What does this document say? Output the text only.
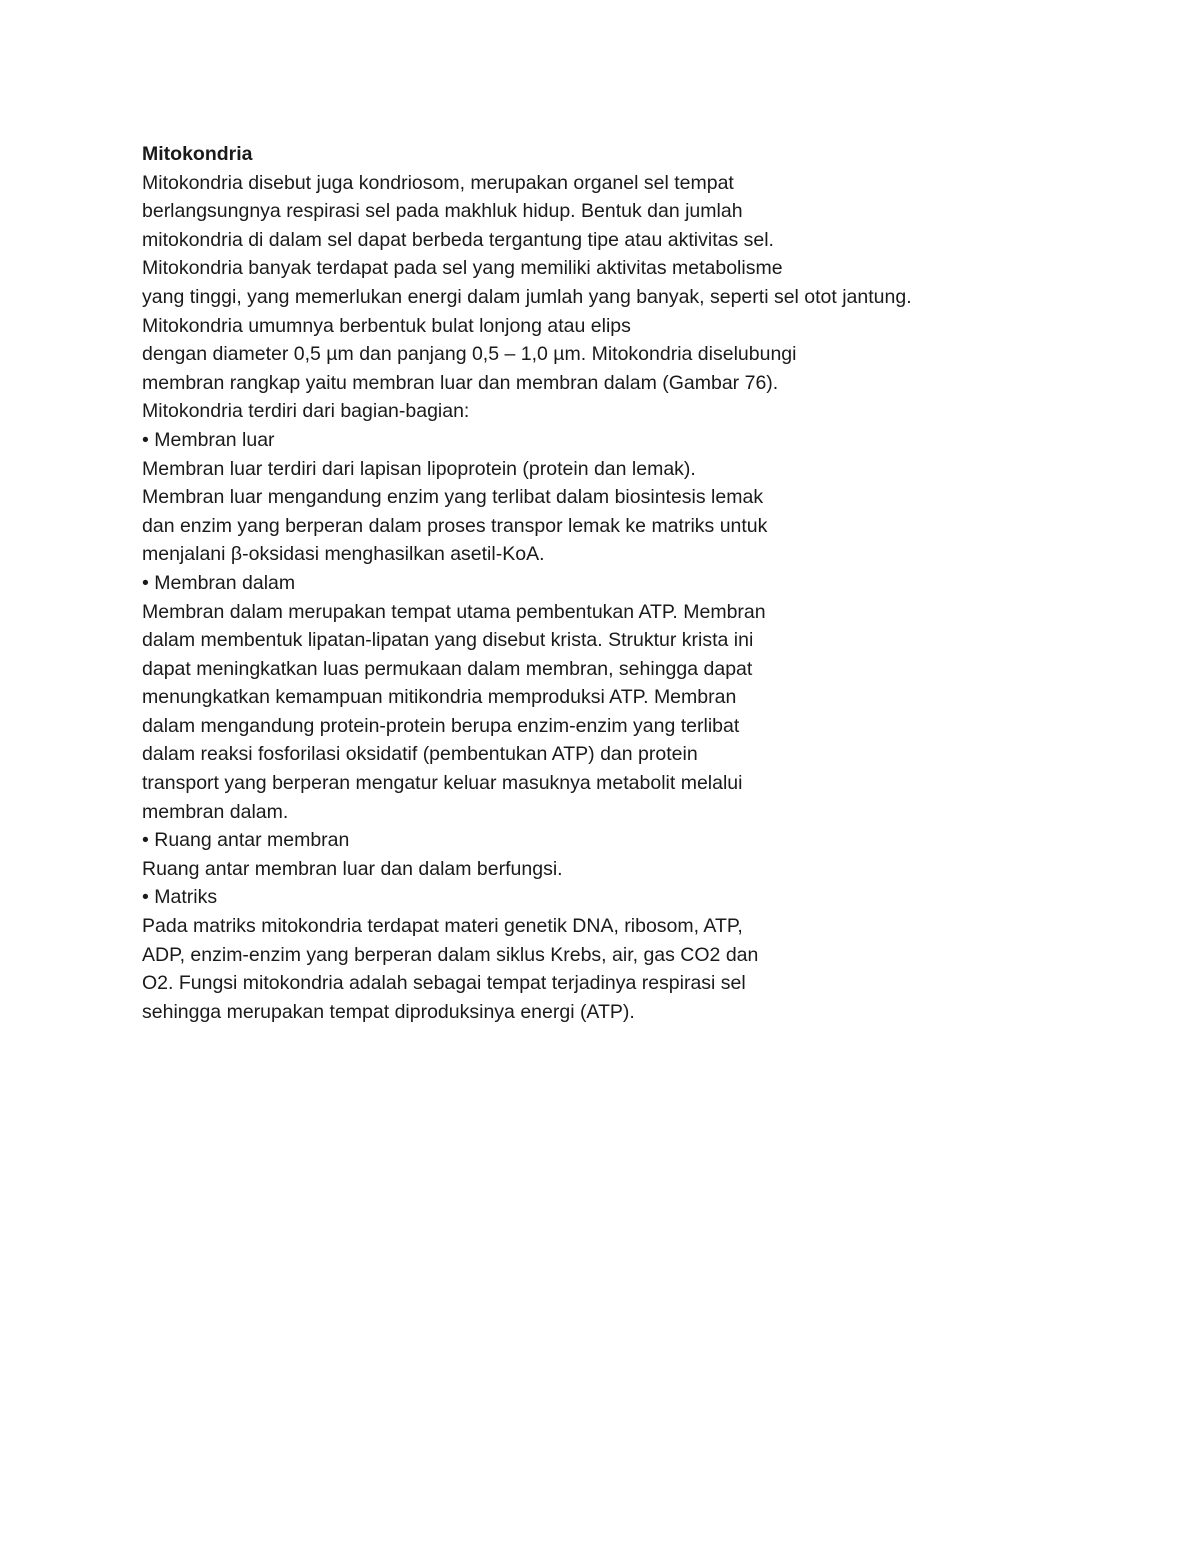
Mitokondria

Mitokondria disebut juga kondriosom, merupakan organel sel tempat

berlangsungnya respirasi sel pada makhluk hidup. Bentuk dan jumlah

mitokondria di dalam sel dapat berbeda tergantung tipe atau aktivitas sel.

Mitokondria banyak terdapat pada sel yang memiliki aktivitas metabolisme

yang tinggi, yang memerlukan energi dalam jumlah yang banyak, seperti sel otot jantung.

Mitokondria umumnya berbentuk bulat lonjong atau elips

dengan diameter 0,5 µm dan panjang 0,5 – 1,0 µm. Mitokondria diselubungi

membran rangkap yaitu membran luar dan membran dalam (Gambar 76).

Mitokondria terdiri dari bagian-bagian:

• Membran luar

Membran luar terdiri dari lapisan lipoprotein (protein dan lemak).

Membran luar mengandung enzim yang terlibat dalam biosintesis lemak

dan enzim yang berperan dalam proses transpor lemak ke matriks untuk

menjalani β-oksidasi menghasilkan asetil-KoA.

• Membran dalam

Membran dalam merupakan tempat utama pembentukan ATP. Membran

dalam membentuk lipatan-lipatan yang disebut krista. Struktur krista ini

dapat meningkatkan luas permukaan dalam membran, sehingga dapat

menungkatkan kemampuan mitikondria memproduksi ATP. Membran

dalam mengandung protein-protein berupa enzim-enzim yang terlibat

dalam reaksi fosforilasi oksidatif (pembentukan ATP) dan protein

transport yang berperan mengatur keluar masuknya metabolit melalui

membran dalam.

• Ruang antar membran

Ruang antar membran luar dan dalam berfungsi.

• Matriks

Pada matriks mitokondria terdapat materi genetik DNA, ribosom, ATP,

ADP, enzim-enzim yang berperan dalam siklus Krebs, air, gas CO2 dan

O2. Fungsi mitokondria adalah sebagai tempat terjadinya respirasi sel

sehingga merupakan tempat diproduksinya energi (ATP).
